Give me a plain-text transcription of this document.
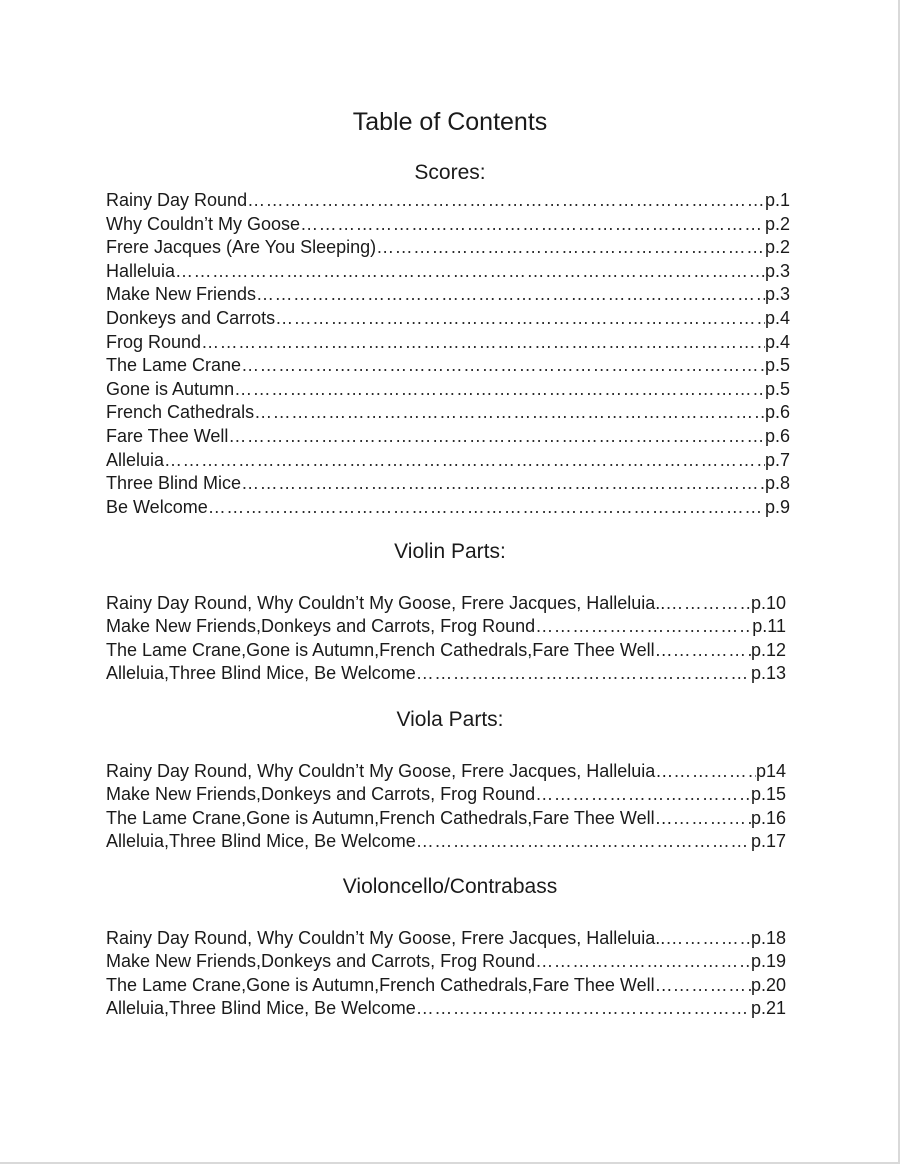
Table of Contents
Scores:
Rainy Day Round ……………………………………………………………………………………………………………………………………………………	p.1
Why Couldn’t My Goose ……………………………………………………………………………………………………………………………………………………	p.2
Frere Jacques (Are You Sleeping) ……………………………………………………………………………………………………………………………………………………	p.2
Halleluia ……………………………………………………………………………………………………………………………………………………	p.3
Make New Friends ……………………………………………………………………………………………………………………………………………………	p.3
Donkeys and Carrots ……………………………………………………………………………………………………………………………………………………	p.4
Frog Round ……………………………………………………………………………………………………………………………………………………	p.4
The Lame Crane ……………………………………………………………………………………………………………………………………………………	p.5
Gone is Autumn ……………………………………………………………………………………………………………………………………………………	p.5
French Cathedrals ……………………………………………………………………………………………………………………………………………………	p.6
Fare Thee Well ……………………………………………………………………………………………………………………………………………………	p.6
Alleluia ……………………………………………………………………………………………………………………………………………………	p.7
Three Blind Mice ……………………………………………………………………………………………………………………………………………………	p.8
Be Welcome ……………………………………………………………………………………………………………………………………………………	p.9
Violin Parts:
Rainy Day Round, Why Couldn’t My Goose, Frere Jacques, Halleluia.. ……………………………………………………………………………………………………………………………………………………	p.10
Make New Friends,Donkeys and Carrots, Frog Round ……………………………………………………………………………………………………………………………………………………	p.11
The Lame Crane,Gone is Autumn,French Cathedrals,Fare Thee Well… ……………………………………………………………………………………………………………………………………………………	p.12
Alleluia,Three Blind Mice, Be Welcome ……………………………………………………………………………………………………………………………………………………	p.13
Viola Parts:
Rainy Day Round, Why Couldn’t My Goose, Frere Jacques, Halleluia… ……………………………………………………………………………………………………………………………………………………	p14
Make New Friends,Donkeys and Carrots, Frog Round ……………………………………………………………………………………………………………………………………………………	p.15
The Lame Crane,Gone is Autumn,French Cathedrals,Fare Thee Well… ……………………………………………………………………………………………………………………………………………………	p.16
Alleluia,Three Blind Mice, Be Welcome ……………………………………………………………………………………………………………………………………………………	p.17
Violoncello/Contrabass
Rainy Day Round, Why Couldn’t My Goose, Frere Jacques, Halleluia.. ……………………………………………………………………………………………………………………………………………………	p.18
Make New Friends,Donkeys and Carrots, Frog Round ……………………………………………………………………………………………………………………………………………………	p.19
The Lame Crane,Gone is Autumn,French Cathedrals,Fare Thee Well… ……………………………………………………………………………………………………………………………………………………	p.20
Alleluia,Three Blind Mice, Be Welcome ……………………………………………………………………………………………………………………………………………………	p.21
